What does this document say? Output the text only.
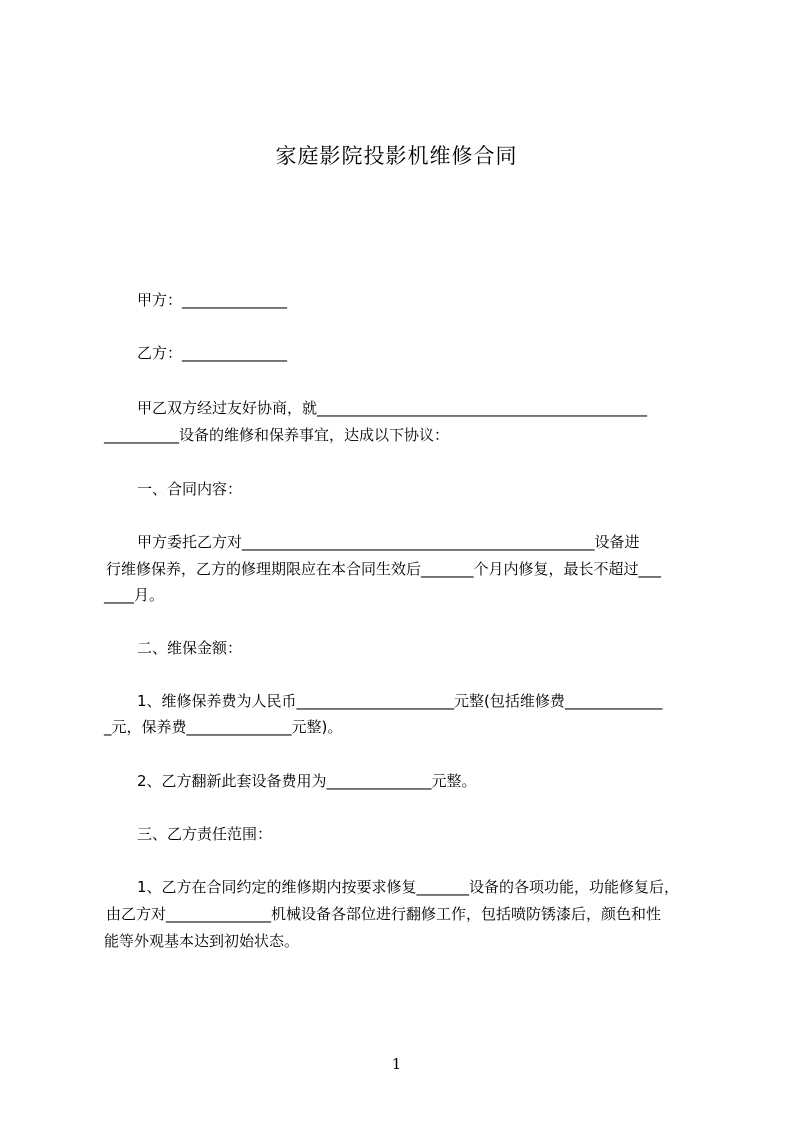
家庭影院投影机维修合同
甲方：______________
乙方：______________
甲乙双方经过友好协商，就____________________________________________
__________设备的维修和保养事宜，达成以下协议：
一、合同内容：
甲方委托乙方对_______________________________________________设备进
行维修保养，乙方的修理期限应在本合同生效后_______个月内修复，最长不超过___
____月。
二、维保金额：
1、维修保养费为人民币_____________________元整(包括维修费_____________
_元，保养费______________元整)。
2、乙方翻新此套设备费用为______________元整。
三、乙方责任范围：
1、乙方在合同约定的维修期内按要求修复_______设备的各项功能，功能修复后，
由乙方对______________机械设备各部位进行翻修工作，包括喷防锈漆后，颜色和性
能等外观基本达到初始状态。
1
